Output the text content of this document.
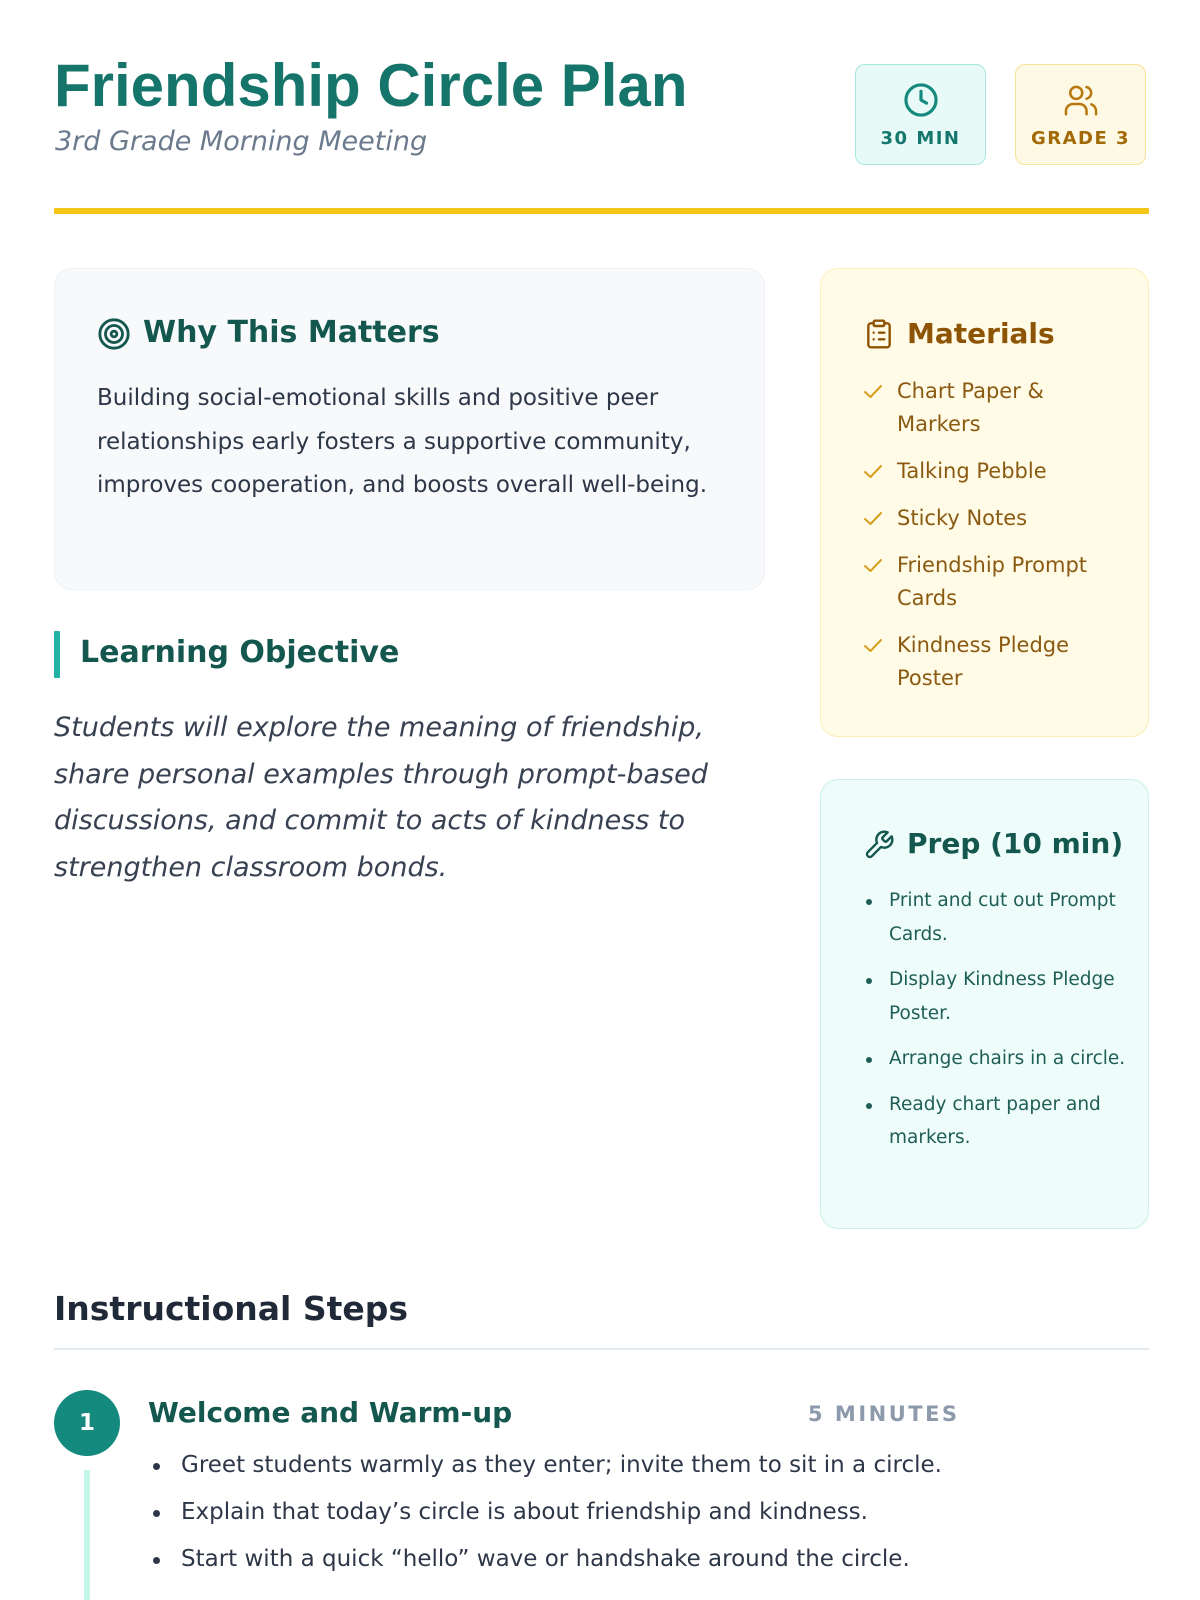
Friendship Circle Plan
3rd Grade Morning Meeting	30 MIN	GRADE 3
Why This Matters

Building social-emotional skills and positive peer relationships early fosters a supportive community, improves cooperation, and boosts overall well-being.

Learning Objective

Students will explore the meaning of friendship, share personal examples through prompt-based discussions, and commit to acts of kindness to strengthen classroom bonds.

Materials
Chart Paper & Markers
Talking Pebble
Sticky Notes
Friendship Prompt Cards
Kindness Pledge Poster
Prep (10 min)
Print and cut out Prompt Cards.
Display Kindness Pledge Poster.
Arrange chairs in a circle.
Ready chart paper and markers.
Instructional Steps
1	Welcome and Warm-up	5 MINUTES
Greet students warmly as they enter; invite them to sit in a circle.
Explain that today’s circle is about friendship and kindness.
Start with a quick “hello” wave or handshake around the circle.
